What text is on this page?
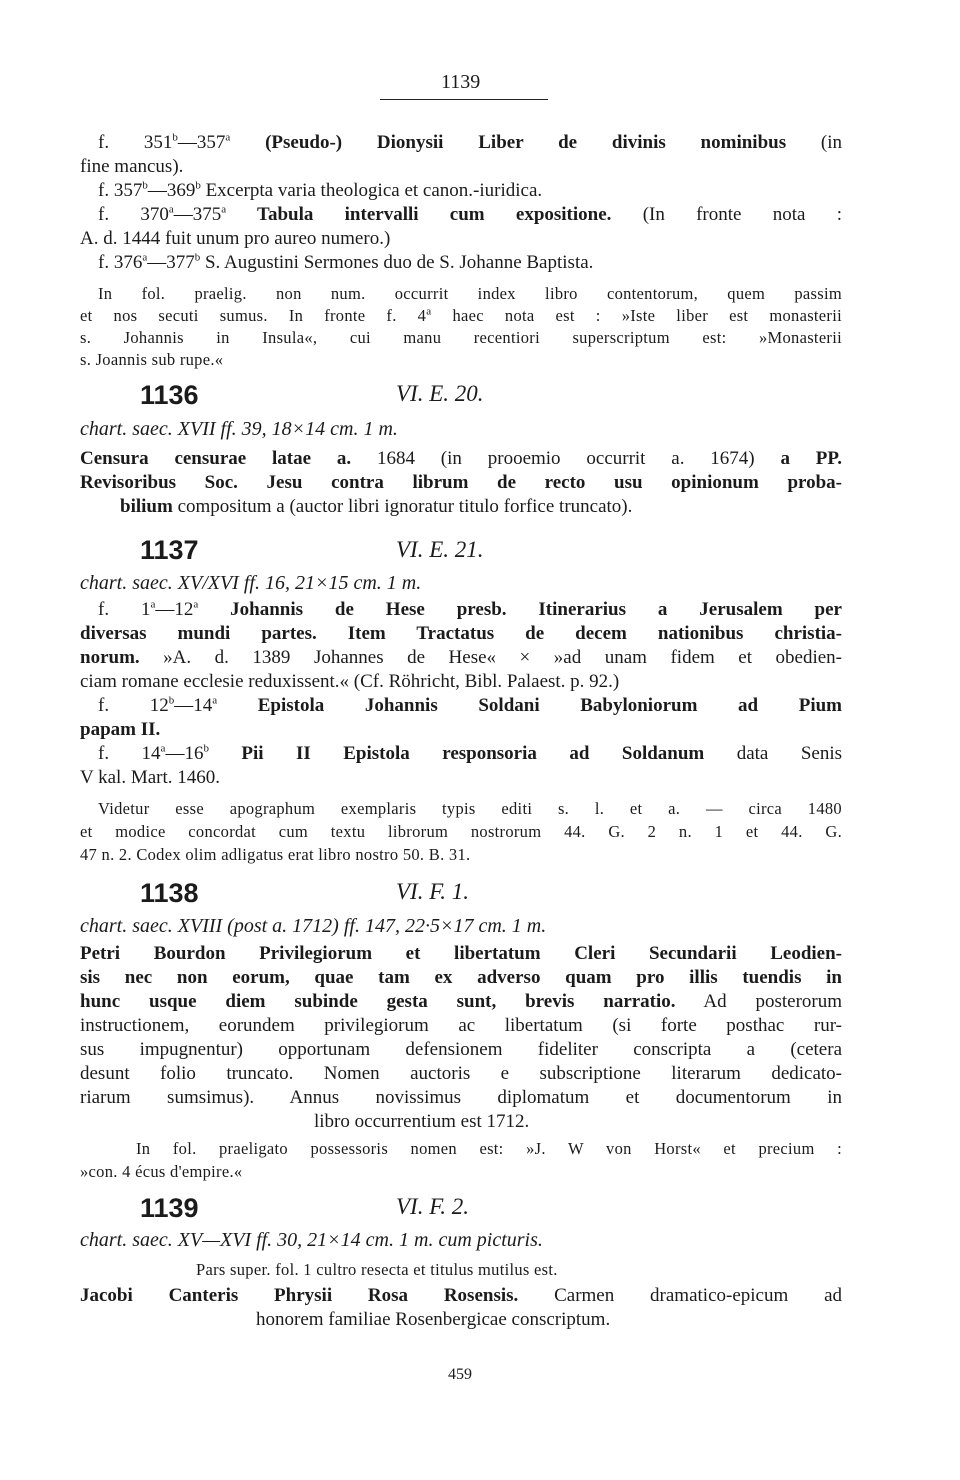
1139
f. 351$^b$—357$^a$ (Pseudo-) Dionysii Liber de divinis nominibus (in
fine mancus).
f. 357$^b$—369$^b$ Excerpta varia theologica et canon.-iuridica.
f. 370$^a$—375$^a$ Tabula intervalli cum expositione. (In fronte nota :
A. d. 1444 fuit unum pro aureo numero.)
f. 376$^a$—377$^b$ S. Augustini Sermones duo de S. Johanne Baptista.
In fol. praelig. non num. occurrit index libro contentorum, quem passim
et nos secuti sumus. In fronte f. 4$^a$ haec nota est : »Iste liber est monasterii
s. Johannis in Insula«, cui manu recentiori superscriptum est: »Monasterii
s. Joannis sub rupe.«
1136	VI. E. 20.
chart. saec. XVII ff. 39, 18×14 cm. 1 m.
Censura censurae latae a. 1684 (in prooemio occurrit a. 1674) a PP.
Revisoribus Soc. Jesu contra librum de recto usu opinionum proba-
bilium compositum a (auctor libri ignoratur titulo forfice truncato).
1137	VI. E. 21.
chart. saec. XV/XVI ff. 16, 21×15 cm. 1 m.
f. 1$^a$—12$^a$ Johannis de Hese presb. Itinerarius a Jerusalem per
diversas mundi partes. Item Tractatus de decem nationibus christia-
norum. »A. d. 1389 Johannes de Hese« × »ad unam fidem et obedien-
ciam romane ecclesie reduxissent.« (Cf. Röhricht, Bibl. Palaest. p. 92.)
f. 12$^b$—14$^a$ Epistola Johannis Soldani Babyloniorum ad Pium
papam II.
f. 14$^a$—16$^b$ Pii II Epistola responsoria ad Soldanum data Senis
V kal. Mart. 1460.
Videtur esse apographum exemplaris typis editi s. l. et a. — circa 1480
et modice concordat cum textu librorum nostrorum 44. G. 2 n. 1 et 44. G.
47 n. 2. Codex olim adligatus erat libro nostro 50. B. 31.
1138	VI. F. 1.
chart. saec. XVIII (post a. 1712) ff. 147, 22·5×17 cm. 1 m.
Petri Bourdon Privilegiorum et libertatum Cleri Secundarii Leodien-
sis nec non eorum, quae tam ex adverso quam pro illis tuendis in
hunc usque diem subinde gesta sunt, brevis narratio. Ad posterorum
instructionem, eorundem privilegiorum ac libertatum (si forte posthac rur-
sus impugnentur) opportunam defensionem fideliter conscripta a (cetera
desunt folio truncato. Nomen auctoris e subscriptione literarum dedicato-
riarum sumsimus). Annus novissimus diplomatum et documentorum in
libro occurrentium est 1712.
In fol. praeligato possessoris nomen est: »J. W von Horst« et precium :
»con. 4 écus d'empire.«
1139	VI. F. 2.
chart. saec. XV—XVI ff. 30, 21×14 cm. 1 m. cum picturis.
Pars super. fol. 1 cultro resecta et titulus mutilus est.
Jacobi Canteris Phrysii Rosa Rosensis. Carmen dramatico-epicum ad
honorem familiae Rosenbergicae conscriptum.
459
